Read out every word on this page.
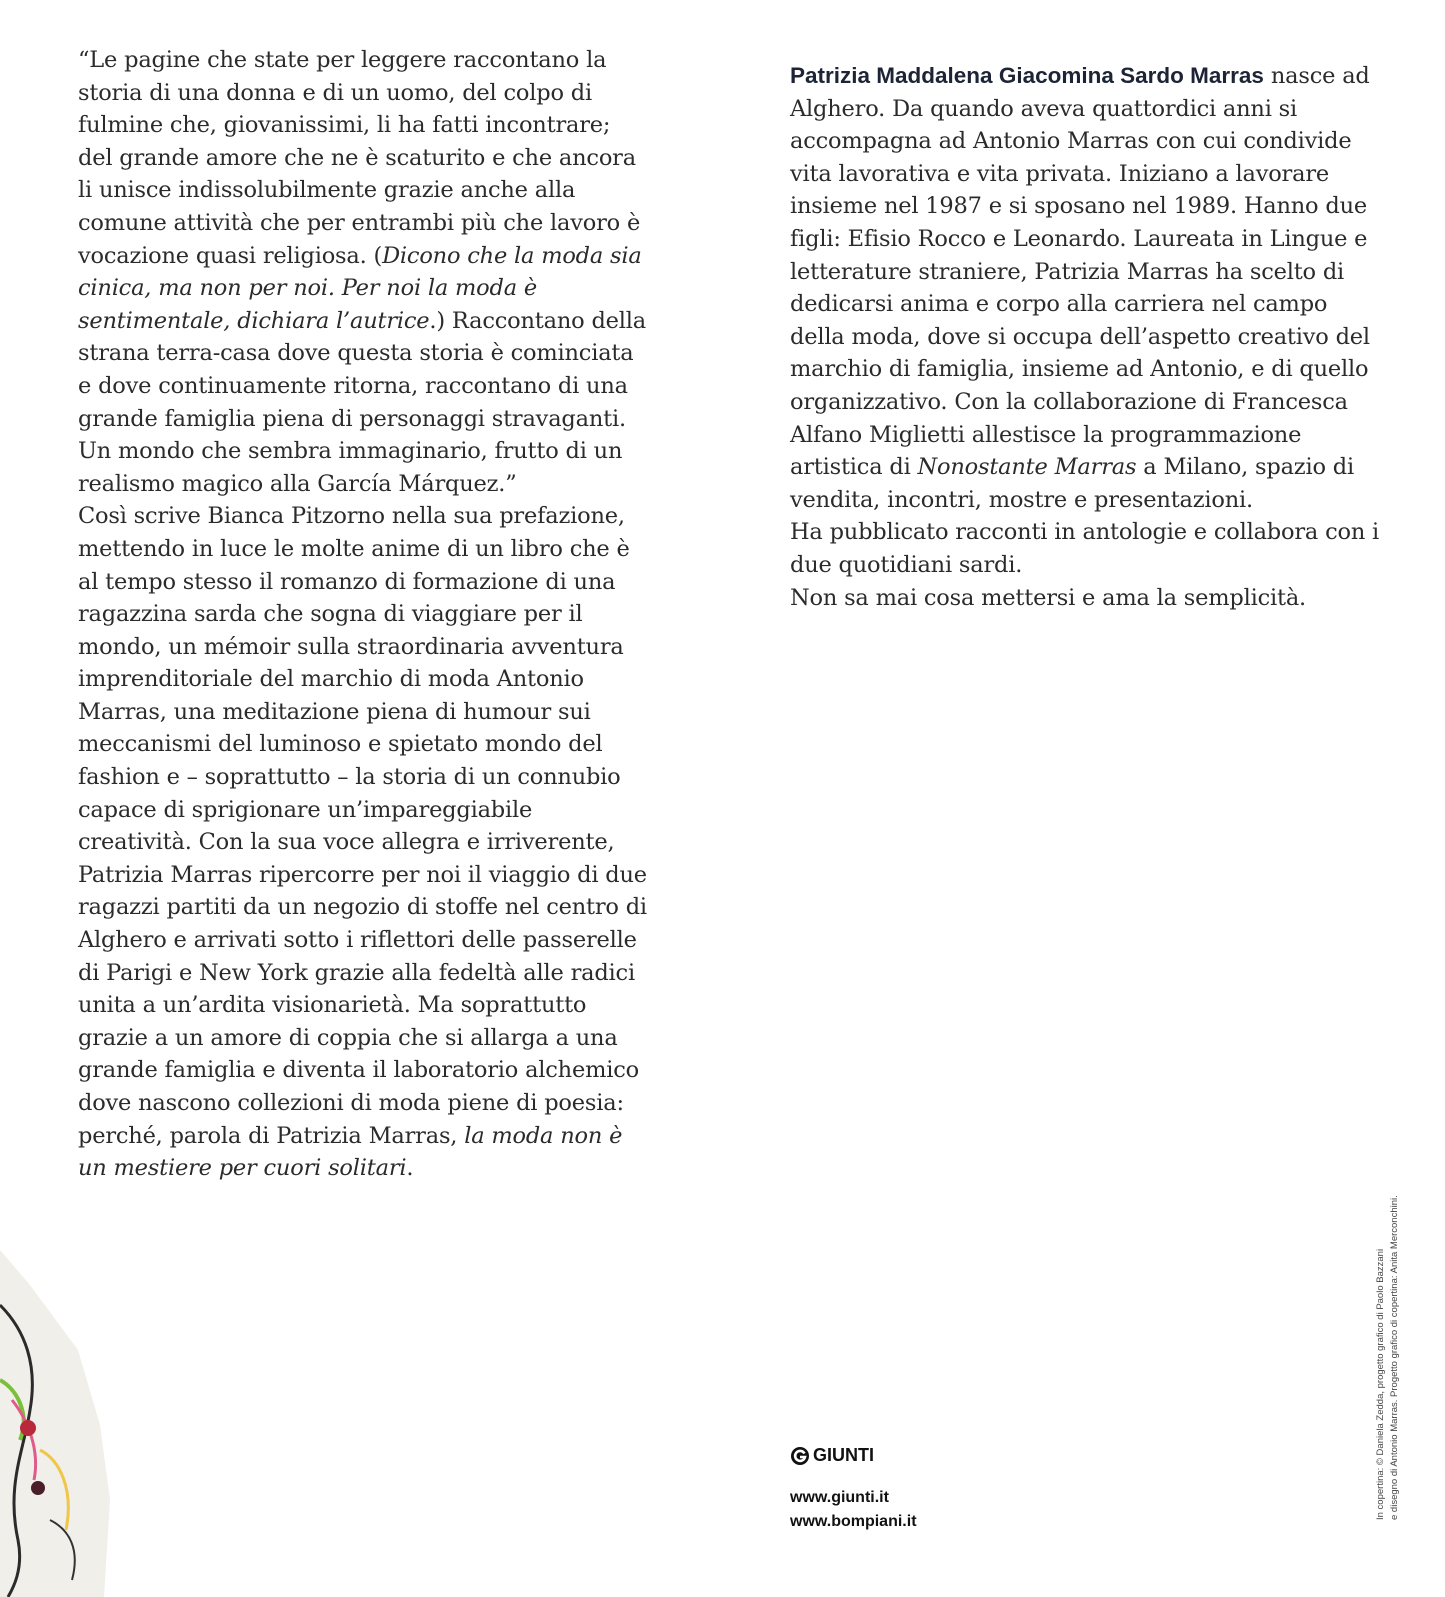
“Le pagine che state per leggere raccontano la storia di una donna e di un uomo, del colpo di fulmine che, giovanissimi, li ha fatti incontrare; del grande amore che ne è scaturito e che ancora li unisce indissolubilmente grazie anche alla comune attività che per entrambi più che lavoro è vocazione quasi religiosa. (Dicono che la moda sia cinica, ma non per noi. Per noi la moda è sentimentale, dichiara l’autrice.) Raccontano della strana terra-casa dove questa storia è cominciata e dove continuamente ritorna, raccontano di una grande famiglia piena di personaggi stravaganti. Un mondo che sembra immaginario, frutto di un realismo magico alla García Márquez.”

Così scrive Bianca Pitzorno nella sua prefazione, mettendo in luce le molte anime di un libro che è al tempo stesso il romanzo di formazione di una ragazzina sarda che sogna di viaggiare per il mondo, un mémoir sulla straordinaria avventura imprenditoriale del marchio di moda Antonio Marras, una meditazione piena di humour sui meccanismi del luminoso e spietato mondo del fashion e – soprattutto – la storia di un connubio capace di sprigionare un’impareggiabile creatività. Con la sua voce allegra e irriverente, Patrizia Marras ripercorre per noi il viaggio di due ragazzi partiti da un negozio di stoffe nel centro di Alghero e arrivati sotto i riflettori delle passerelle di Parigi e New York grazie alla fedeltà alle radici unita a un’ardita visionarietà. Ma soprattutto grazie a un amore di coppia che si allarga a una grande famiglia e diventa il laboratorio alchemico dove nascono collezioni di moda piene di poesia: perché, parola di Patrizia Marras, la moda non è un mestiere per cuori solitari.

Patrizia Maddalena Giacomina Sardo Marras nasce ad Alghero. Da quando aveva quattordici anni si accompagna ad Antonio Marras con cui condivide vita lavorativa e vita privata. Iniziano a lavorare insieme nel 1987 e si sposano nel 1989. Hanno due figli: Efisio Rocco e Leonardo. Laureata in Lingue e letterature straniere, Patrizia Marras ha scelto di dedicarsi anima e corpo alla carriera nel campo della moda, dove si occupa dell’aspetto creativo del marchio di famiglia, insieme ad Antonio, e di quello organizzativo. Con la collaborazione di Francesca Alfano Miglietti allestisce la programmazione artistica di Nonostante Marras a Milano, spazio di vendita, incontri, mostre e presentazioni.

Ha pubblicato racconti in antologie e collabora con i due quotidiani sardi.

Non sa mai cosa mettersi e ama la semplicità.

GIUNTI
www.giunti.it
www.bompiani.it
In copertina: © Daniela Zedda, progetto grafico di Paolo Bazzani e disegno di Antonio Marras. Progetto grafico di copertina: Anita Merconchini.
